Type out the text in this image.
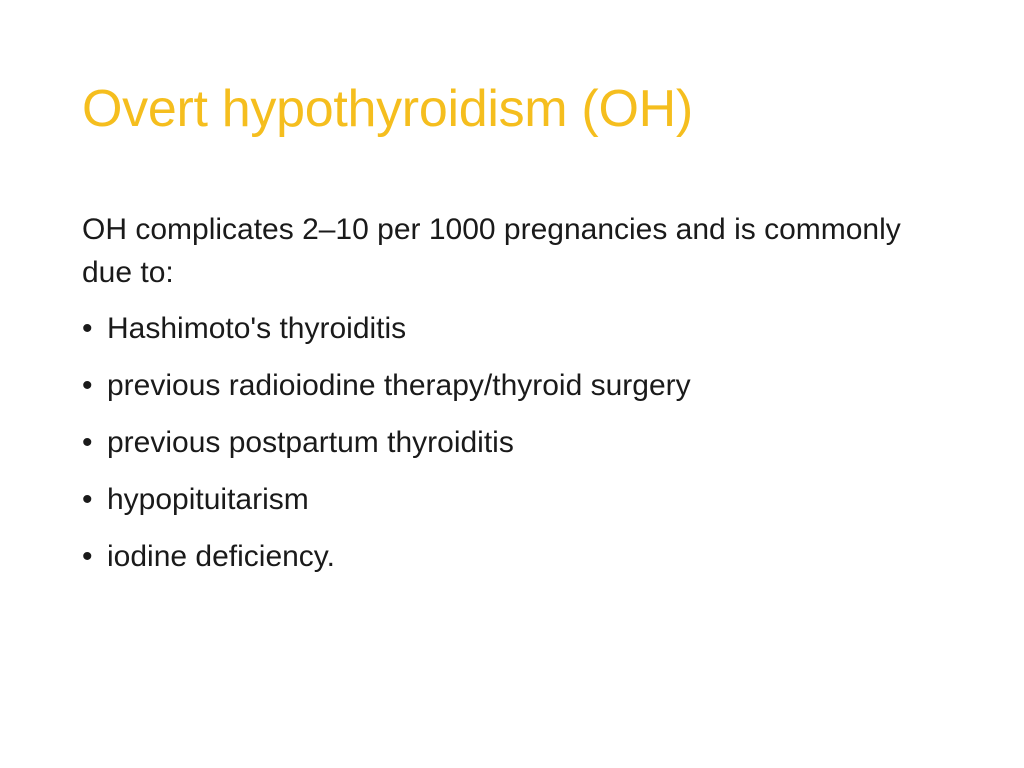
Overt hypothyroidism (OH)

OH complicates 2–10 per 1000 pregnancies and is commonly due to:

• Hashimoto's thyroiditis
• previous radioiodine therapy/thyroid surgery
• previous postpartum thyroiditis
• hypopituitarism
• iodine deficiency.
